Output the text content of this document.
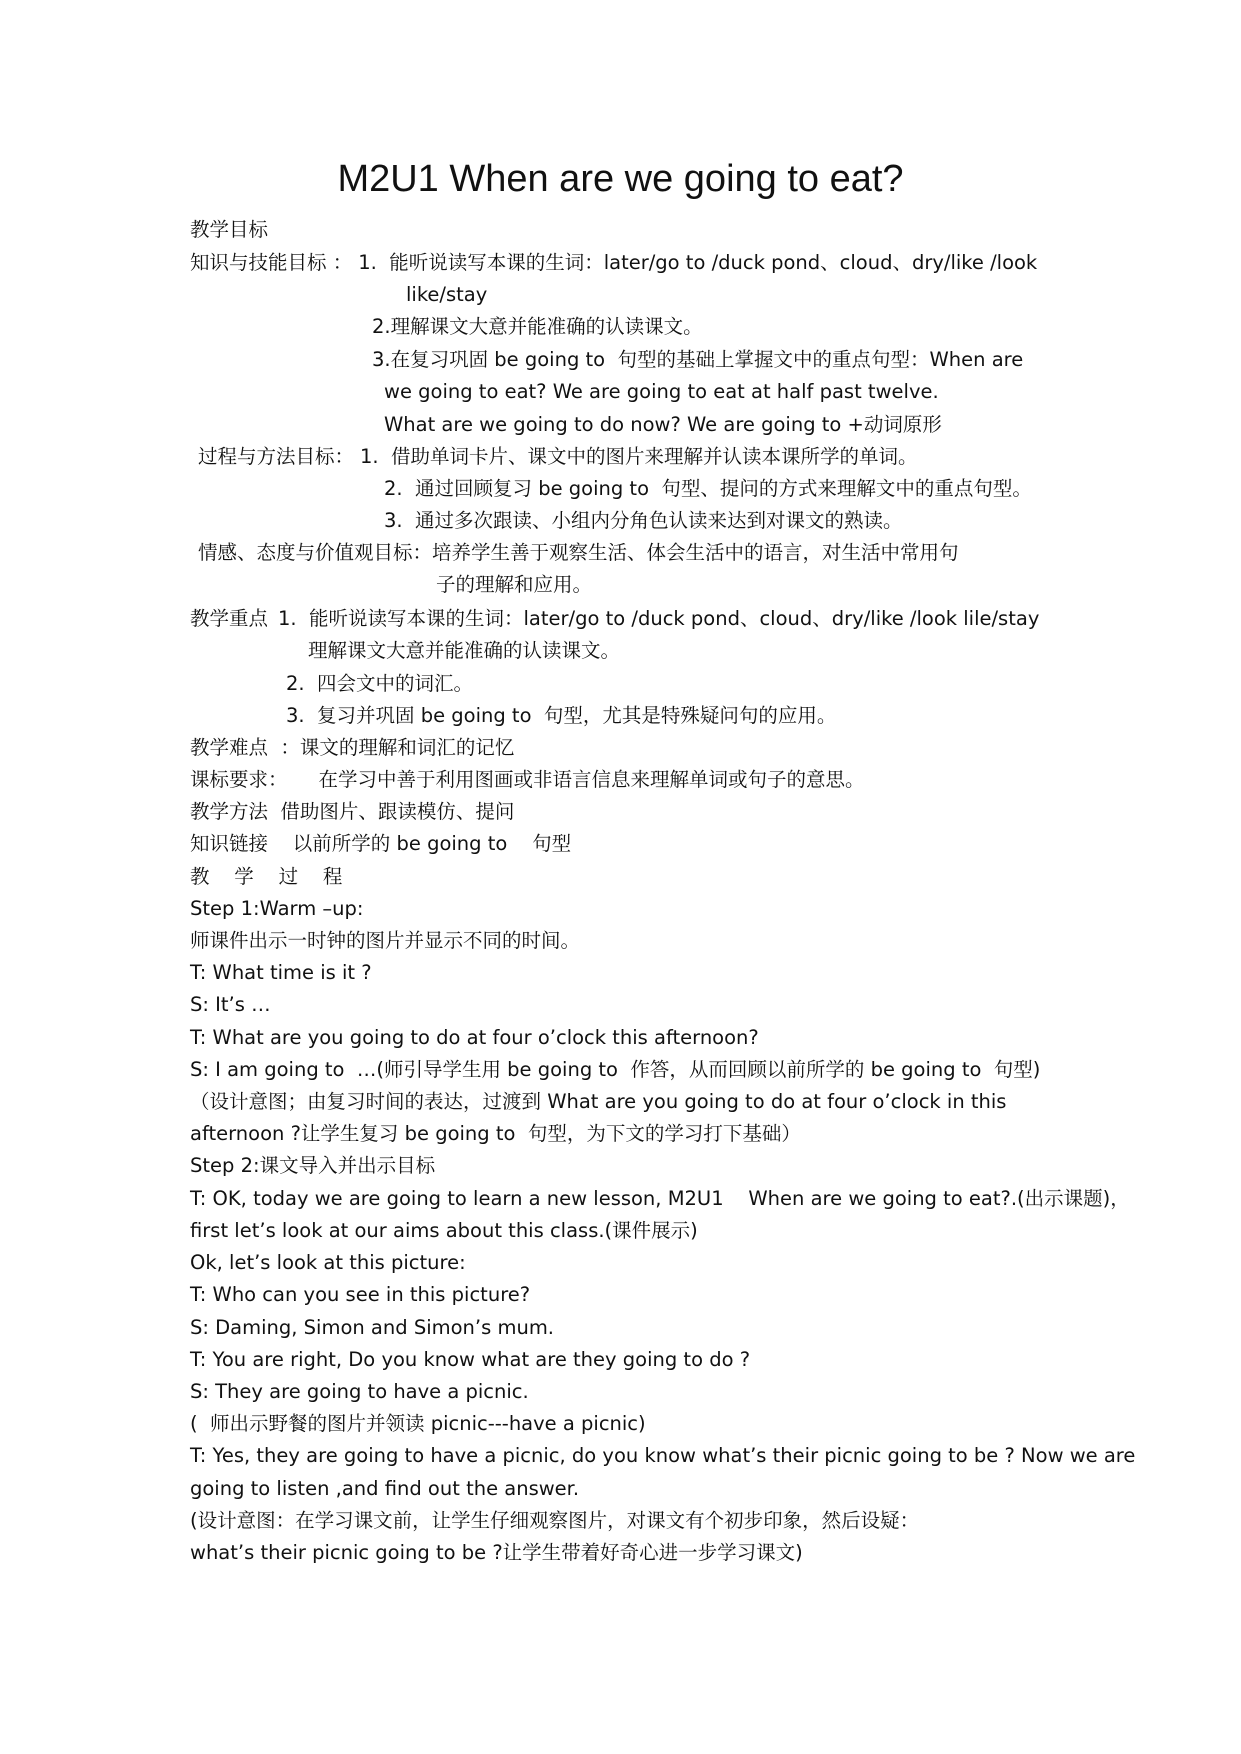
M2U1 When are we going to eat?
教学目标
知识与技能目标 ： 1.  能听说读写本课的生词：later/go to /duck pond、cloud、dry/like /look
like/stay
2.理解课文大意并能准确的认读课文。
3.在复习巩固 be going to  句型的基础上掌握文中的重点句型：When are
we going to eat? We are going to eat at half past twelve.
What are we going to do now? We are going to +动词原形
过程与方法目标： 1.  借助单词卡片、课文中的图片来理解并认读本课所学的单词。
2.  通过回顾复习 be going to  句型、提问的方式来理解文中的重点句型。
3.  通过多次跟读、小组内分角色认读来达到对课文的熟读。
情感、态度与价值观目标：培养学生善于观察生活、体会生活中的语言，对生活中常用句
子的理解和应用。
教学重点 1.  能听说读写本课的生词：later/go to /duck pond、cloud、dry/like /look lile/stay
理解课文大意并能准确的认读课文。
2.  四会文中的词汇。
3.  复习并巩固 be going to  句型，尤其是特殊疑问句的应用。
教学难点  ：课文的理解和词汇的记忆
课标要求：     在学习中善于利用图画或非语言信息来理解单词或句子的意思。
教学方法  借助图片、跟读模仿、提问
知识链接    以前所学的 be going to    句型
教    学    过    程
Step 1:Warm –up:
师课件出示一时钟的图片并显示不同的时间。
T: What time is it ?
S: It’s …
T: What are you going to do at four o’clock this afternoon?
S: I am going to  …(师引导学生用 be going to  作答，从而回顾以前所学的 be going to  句型)
（设计意图；由复习时间的表达，过渡到 What are you going to do at four o’clock in this
afternoon ?让学生复习 be going to  句型，为下文的学习打下基础）
Step 2:课文导入并出示目标
T: OK, today we are going to learn a new lesson, M2U1    When are we going to eat?.(出示课题)，
first let’s look at our aims about this class.(课件展示)
Ok, let’s look at this picture:
T: Who can you see in this picture?
S: Daming, Simon and Simon’s mum.
T: You are right, Do you know what are they going to do ?
S: They are going to have a picnic.
(  师出示野餐的图片并领读 picnic---have a picnic)
T: Yes, they are going to have a picnic, do you know what’s their picnic going to be ? Now we are
going to listen ,and find out the answer.
(设计意图：在学习课文前，让学生仔细观察图片，对课文有个初步印象，然后设疑：
what’s their picnic going to be ?让学生带着好奇心进一步学习课文)
